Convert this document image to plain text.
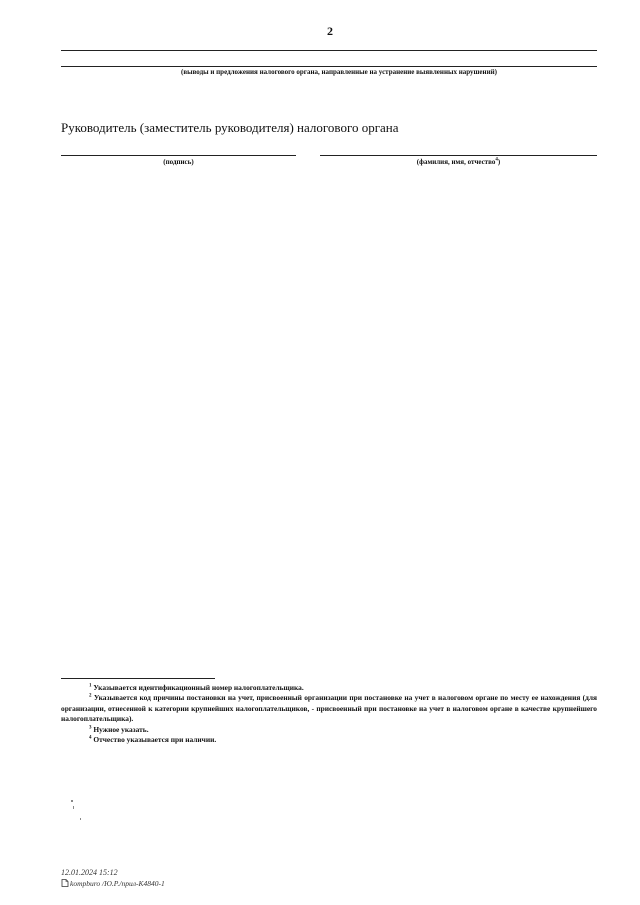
2
(выводы и предложения налогового органа, направленные на устранение выявленных нарушений)
Руководитель (заместитель руководителя) налогового органа
(подпись)	(фамилия, имя, отчество$^4$)

$^1$ Указывается идентификационный номер налогоплательщика.

$^2$ Указывается код причины постановки на учет, присвоенный организации при постановке на учет в налоговом органе по месту ее нахождения (для организации, отнесенной к категории крупнейших налогоплательщиков, - присвоенный при постановке на учет в налоговом органе в качестве крупнейшего налогоплательщика).

$^3$ Нужное указать.

$^4$ Отчество указывается при наличии.

12.01.2024 15:12
kompburo /Ю.Р./прил-К4840-1
